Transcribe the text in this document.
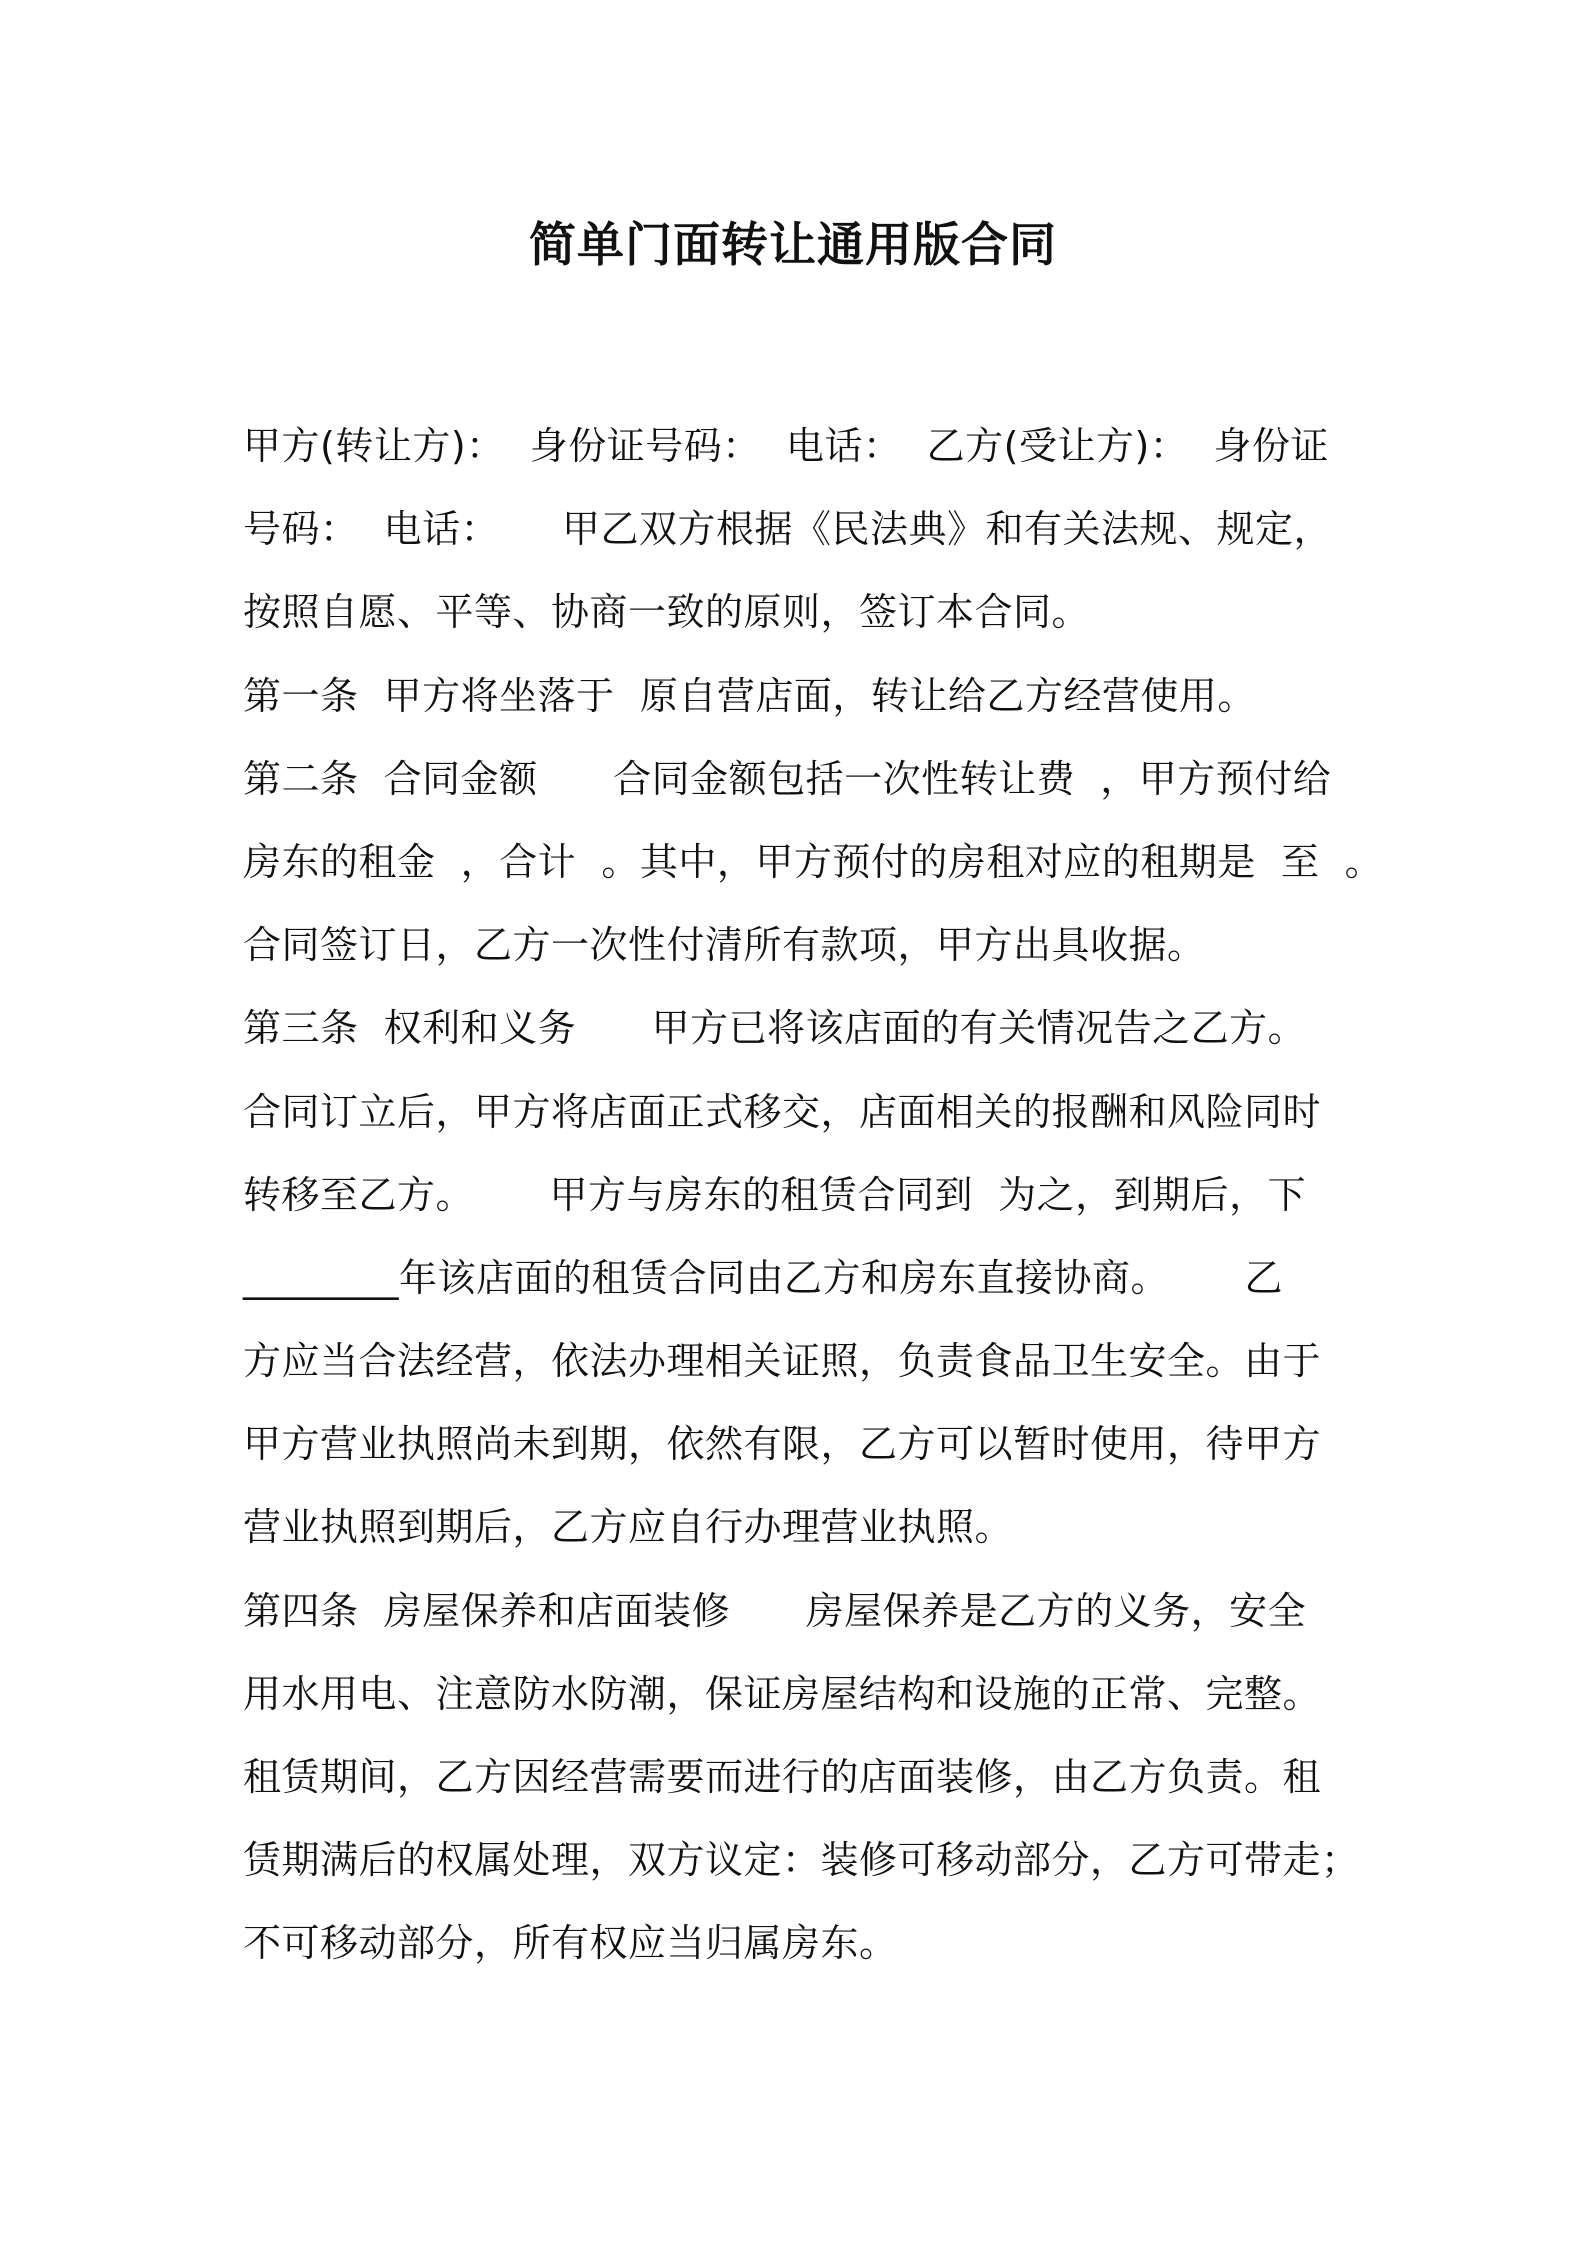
简单门面转让通用版合同
甲方(转让方)：  身份证号码：  电话：  乙方(受让方)：  身份证
号码：  电话：     甲乙双方根据《民法典》和有关法规、规定，
按照自愿、平等、协商一致的原则，签订本合同。
第一条  甲方将坐落于  原自营店面，转让给乙方经营使用。
第二条  合同金额      合同金额包括一次性转让费  ，甲方预付给
房东的租金  ，合计  。其中，甲方预付的房租对应的租期是  至  。
合同签订日，乙方一次性付清所有款项，甲方出具收据。
第三条  权利和义务      甲方已将该店面的有关情况告之乙方。
合同订立后，甲方将店面正式移交，店面相关的报酬和风险同时
转移至乙方。      甲方与房东的租赁合同到  为之，到期后，下
________年该店面的租赁合同由乙方和房东直接协商。      乙
方应当合法经营，依法办理相关证照，负责食品卫生安全。由于
甲方营业执照尚未到期，依然有限，乙方可以暂时使用，待甲方
营业执照到期后，乙方应自行办理营业执照。
第四条  房屋保养和店面装修      房屋保养是乙方的义务，安全
用水用电、注意防水防潮，保证房屋结构和设施的正常、完整。
租赁期间，乙方因经营需要而进行的店面装修，由乙方负责。租
赁期满后的权属处理，双方议定：装修可移动部分，乙方可带走；
不可移动部分，所有权应当归属房东。
